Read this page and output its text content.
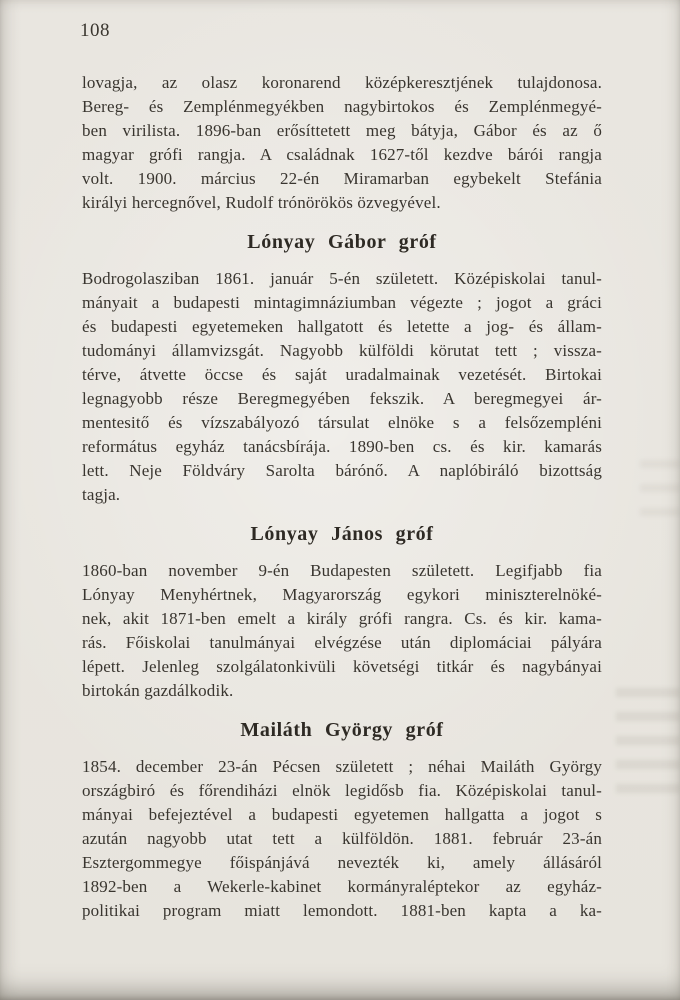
108
lovagja, az olasz koronarend középkeresztjének tulajdonosa.
Bereg- és Zemplénmegyékben nagybirtokos és Zemplénmegyé-
ben virilista. 1896-ban erősíttetett meg bátyja, Gábor és az ő
magyar grófi rangja. A családnak 1627-től kezdve bárói rangja
volt. 1900. március 22-én Miramarban egybekelt Stefánia
királyi hercegnővel, Rudolf trónörökös özvegyével.
Lónyay Gábor gróf
Bodrogolasziban 1861. január 5-én született. Középiskolai tanul-
mányait a budapesti mintagimnáziumban végezte ; jogot a gráci
és budapesti egyetemeken hallgatott és letette a jog- és állam-
tudományi államvizsgát. Nagyobb külföldi körutat tett ; vissza-
térve, átvette öccse és saját uradalmainak vezetését. Birtokai
legnagyobb része Beregmegyében fekszik. A beregmegyei ár-
mentesitő és vízszabályozó társulat elnöke s a felsőzempléni
református egyház tanácsbírája. 1890-ben cs. és kir. kamarás
lett. Neje Földváry Sarolta bárónő. A naplóbiráló bizottság
tagja.
Lónyay János gróf
1860-ban november 9-én Budapesten született. Legifjabb fia
Lónyay Menyhértnek, Magyarország egykori miniszterelnöké-
nek, akit 1871-ben emelt a király grófi rangra. Cs. és kir. kama-
rás. Főiskolai tanulmányai elvégzése után diplomáciai pályára
lépett. Jelenleg szolgálatonkivüli követségi titkár és nagybányai
birtokán gazdálkodik.
Mailáth György gróf
1854. december 23-án Pécsen született ; néhai Mailáth György
országbiró és főrendiházi elnök legidősb fia. Középiskolai tanul-
mányai befejeztével a budapesti egyetemen hallgatta a jogot s
azután nagyobb utat tett a külföldön. 1881. február 23-án
Esztergommegye főispánjává nevezték ki, amely állásáról
1892-ben a Wekerle-kabinet kormányraléptekor az egyház-
politikai program miatt lemondott. 1881-ben kapta a ka-
